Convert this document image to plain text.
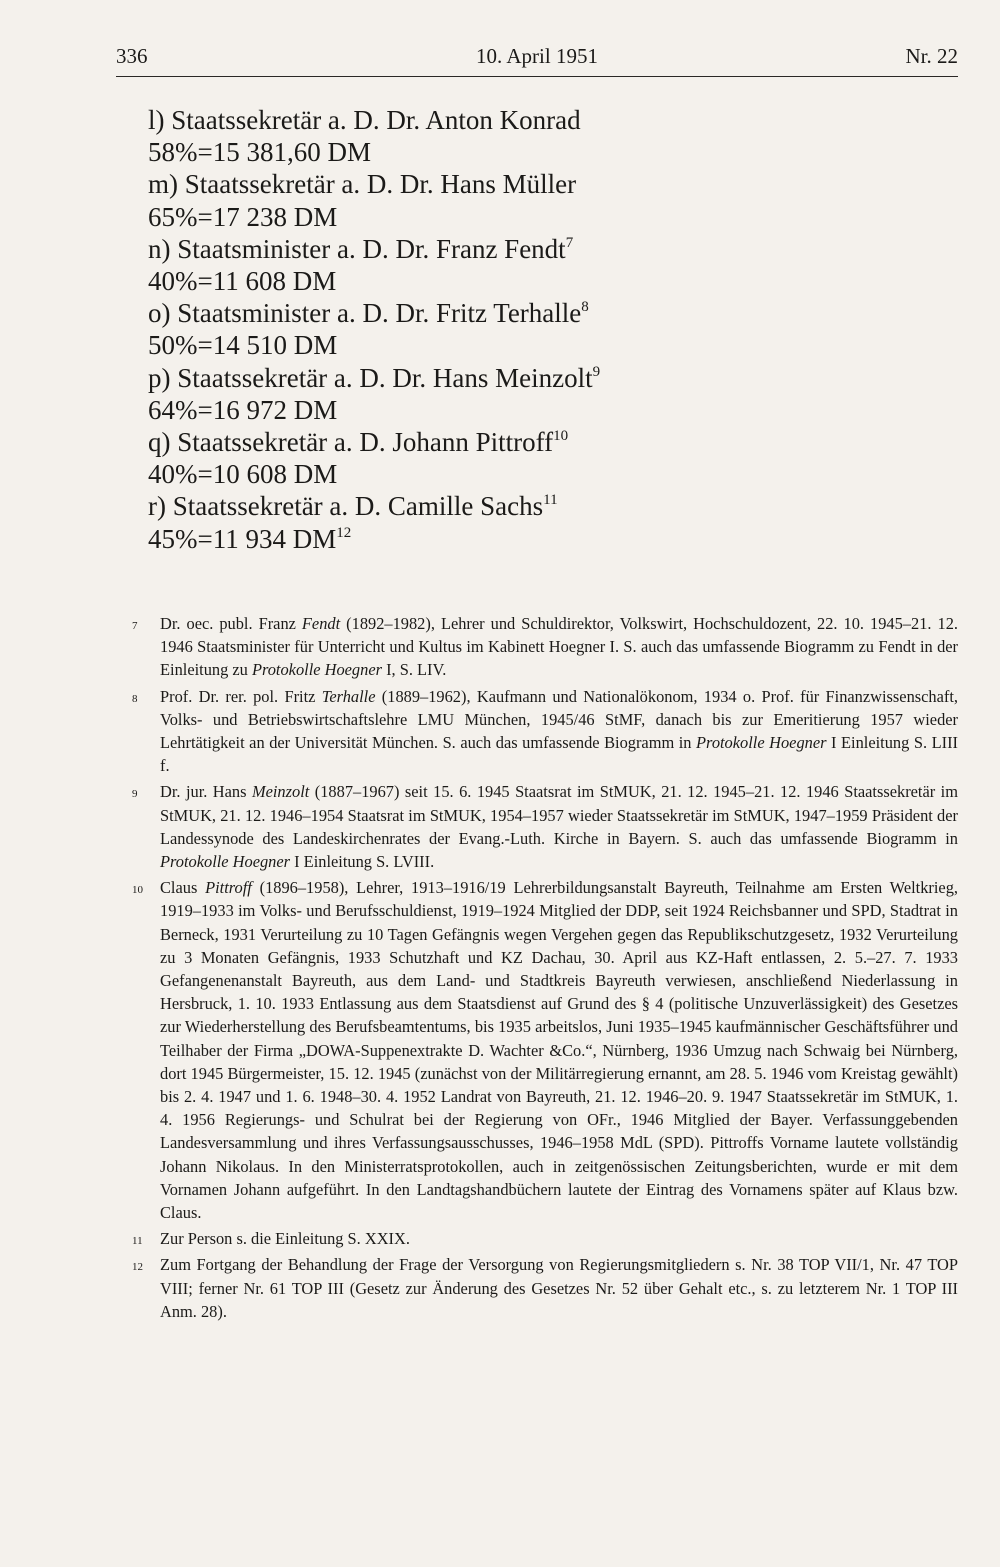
336	10. April 1951	Nr. 22
l) Staatssekretär a. D. Dr. Anton Konrad
58%=15 381,60 DM
m) Staatssekretär a. D. Dr. Hans Müller
65%=17 238 DM
n) Staatsminister a. D. Dr. Franz Fendt$^7$
40%=11 608 DM
o) Staatsminister a. D. Dr. Fritz Terhalle$^8$
50%=14 510 DM
p) Staatssekretär a. D. Dr. Hans Meinzolt$^9$
64%=16 972 DM
q) Staatssekretär a. D. Johann Pittroff$^{10}$
40%=10 608 DM
r) Staatssekretär a. D. Camille Sachs$^{11}$
45%=11 934 DM$^{12}$
7 Dr. oec. publ. Franz Fendt (1892–1982), Lehrer und Schuldirektor, Volkswirt, Hochschuldozent, 22. 10. 1945–21. 12. 1946 Staatsminister für Unterricht und Kultus im Kabinett Hoegner I. S. auch das umfassende Biogramm zu Fendt in der Einleitung zu Protokolle Hoegner I, S. LIV.
8 Prof. Dr. rer. pol. Fritz Terhalle (1889–1962), Kaufmann und Nationalökonom, 1934 o. Prof. für Finanzwissenschaft, Volks- und Betriebswirtschaftslehre LMU München, 1945/46 StMF, danach bis zur Emeritierung 1957 wieder Lehrtätigkeit an der Universität München. S. auch das umfassende Biogramm in Protokolle Hoegner I Einleitung S. LIII f.
9 Dr. jur. Hans Meinzolt (1887–1967) seit 15. 6. 1945 Staatsrat im StMUK, 21. 12. 1945–21. 12. 1946 Staatssekretär im StMUK, 21. 12. 1946–1954 Staatsrat im StMUK, 1954–1957 wieder Staatssekretär im StMUK, 1947–1959 Präsident der Landessynode des Landeskirchenrates der Evang.-Luth. Kirche in Bayern. S. auch das umfassende Biogramm in Protokolle Hoegner I Einleitung S. LVIII.
10 Claus Pittroff (1896–1958), Lehrer, 1913–1916/19 Lehrerbildungsanstalt Bayreuth, Teilnahme am Ersten Weltkrieg, 1919–1933 im Volks- und Berufsschuldienst, 1919–1924 Mitglied der DDP, seit 1924 Reichsbanner und SPD, Stadtrat in Berneck, 1931 Verurteilung zu 10 Tagen Gefängnis wegen Vergehen gegen das Republikschutzgesetz, 1932 Verurteilung zu 3 Monaten Gefängnis, 1933 Schutzhaft und KZ Dachau, 30. April aus KZ-Haft entlassen, 2. 5.–27. 7. 1933 Gefangenenanstalt Bayreuth, aus dem Land- und Stadtkreis Bayreuth verwiesen, anschließend Niederlassung in Hersbruck, 1. 10. 1933 Entlassung aus dem Staatsdienst auf Grund des § 4 (politische Unzuverlässigkeit) des Gesetzes zur Wiederherstellung des Berufsbeamtentums, bis 1935 arbeitslos, Juni 1935–1945 kaufmännischer Geschäftsführer und Teilhaber der Firma „DOWA-Suppenextrakte D. Wachter &Co.“, Nürnberg, 1936 Umzug nach Schwaig bei Nürnberg, dort 1945 Bürgermeister, 15. 12. 1945 (zunächst von der Militärregierung ernannt, am 28. 5. 1946 vom Kreistag gewählt) bis 2. 4. 1947 und 1. 6. 1948–30. 4. 1952 Landrat von Bayreuth, 21. 12. 1946–20. 9. 1947 Staatssekretär im StMUK, 1. 4. 1956 Regierungs- und Schulrat bei der Regierung von OFr., 1946 Mitglied der Bayer. Verfassunggebenden Landesversammlung und ihres Verfassungsausschusses, 1946–1958 MdL (SPD). Pittroffs Vorname lautete vollständig Johann Nikolaus. In den Ministerratsprotokollen, auch in zeitgenössischen Zeitungsberichten, wurde er mit dem Vornamen Johann aufgeführt. In den Landtagshandbüchern lautete der Eintrag des Vornamens später auf Klaus bzw. Claus.
11 Zur Person s. die Einleitung S. XXIX.
12 Zum Fortgang der Behandlung der Frage der Versorgung von Regierungsmitgliedern s. Nr. 38 TOP VII/1, Nr. 47 TOP VIII; ferner Nr. 61 TOP III (Gesetz zur Änderung des Gesetzes Nr. 52 über Gehalt etc., s. zu letzterem Nr. 1 TOP III Anm. 28).
